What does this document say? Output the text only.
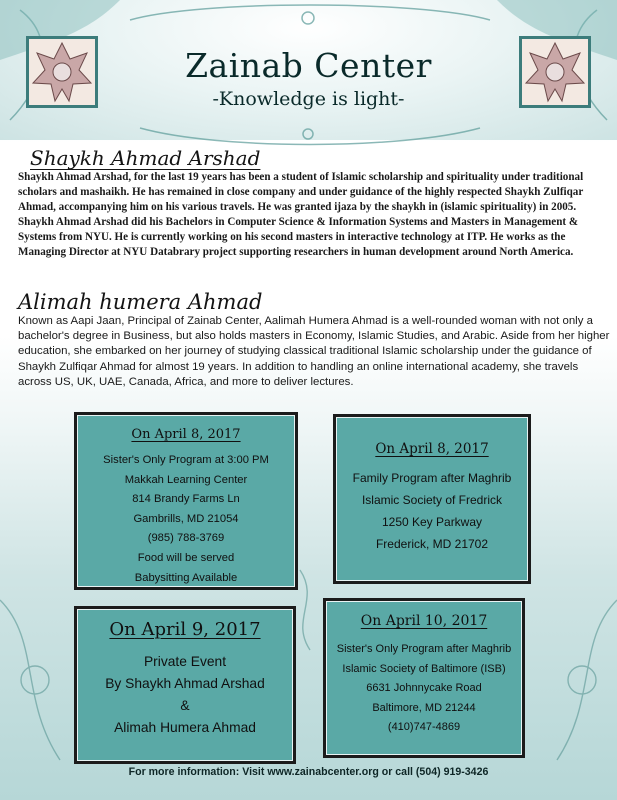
Zainab Center
-Knowledge is light-
Shaykh Ahmad Arshad
Shaykh Ahmad Arshad, for the last 19 years has been a student of Islamic scholarship and spirituality under traditional scholars and mashaikh. He has remained in close company and under guidance of the highly respected Shaykh Zulfiqar Ahmad, accompanying him on his various travels. He was granted ijaza by the shaykh in (islamic spirituality) in 2005. Shaykh Ahmad Arshad did his Bachelors in Computer Science & Information Systems and Masters in Management & Systems from NYU. He is currently working on his second masters in interactive technology at ITP. He works as the Managing Director at NYU Databrary project supporting researchers in human development around North America.
Alimah humera Ahmad
Known as Aapi Jaan, Principal of Zainab Center, Aalimah Humera Ahmad is a well-rounded woman with not only a bachelor's degree in Business, but also holds masters in Economy, Islamic Studies, and Arabic. Aside from her higher education, she embarked on her journey of studying classical traditional Islamic scholarship under the guidance of Shaykh Zulfiqar Ahmad for almost 19 years. In addition to handling an online international academy, she travels across US, UK, UAE, Canada, Africa, and more to deliver lectures.
On April 8, 2017
Sister's Only Program at 3:00 PM
Makkah Learning Center
814 Brandy Farms Ln
Gambrills, MD 21054
(985) 788-3769
Food will be served
Babysitting Available
On April 8, 2017
Family Program after Maghrib
Islamic Society of Fredrick
1250 Key Parkway
Frederick, MD 21702
On April 9, 2017
Private Event
By Shaykh Ahmad Arshad
&
Alimah Humera Ahmad
On April 10, 2017
Sister's Only Program after Maghrib
Islamic Society of Baltimore (ISB)
6631 Johnnycake Road
Baltimore, MD 21244
(410)747-4869
For more information: Visit www.zainabcenter.org or call (504) 919-3426
